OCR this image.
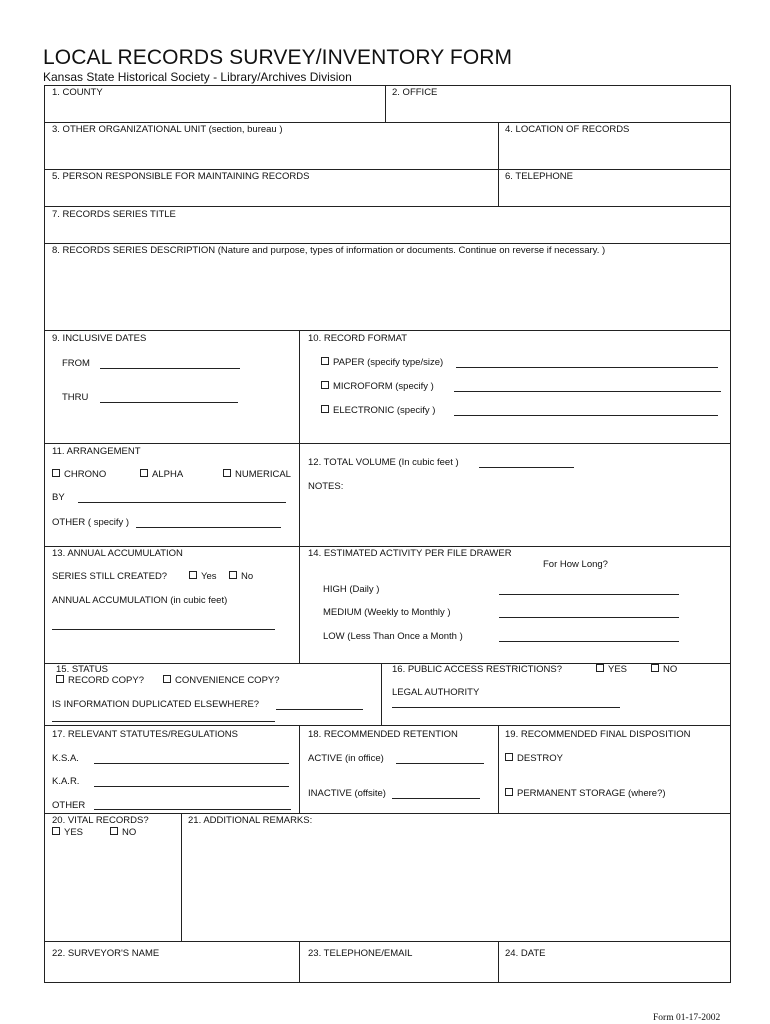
LOCAL RECORDS SURVEY/INVENTORY FORM
Kansas State Historical Society - Library/Archives Division
1. COUNTY	2. OFFICE
3. OTHER ORGANIZATIONAL UNIT (section, bureau )	4. LOCATION OF RECORDS
5. PERSON RESPONSIBLE FOR MAINTAINING RECORDS	6. TELEPHONE
7. RECORDS SERIES TITLE
8. RECORDS SERIES DESCRIPTION (Nature and purpose, types of information or documents. Continue on reverse if necessary. )
9. INCLUSIVE DATES
FROM
THRU
10. RECORD FORMAT
PAPER (specify type/size)
MICROFORM (specify )
ELECTRONIC (specify )
11. ARRANGEMENT
CHRONO	ALPHA	NUMERICAL
BY
OTHER ( specify )
12. TOTAL VOLUME (In cubic feet )
NOTES:
13. ANNUAL ACCUMULATION
SERIES STILL CREATED?	Yes	No
ANNUAL ACCUMULATION (in cubic feet)
14. ESTIMATED ACTIVITY PER FILE DRAWER
For How Long?
HIGH (Daily )
MEDIUM (Weekly to Monthly )
LOW (Less Than Once a Month )
15. STATUS
RECORD COPY?	CONVENIENCE COPY?
IS INFORMATION DUPLICATED ELSEWHERE?
16. PUBLIC ACCESS RESTRICTIONS?	YES	NO
LEGAL AUTHORITY
17. RELEVANT STATUTES/REGULATIONS
K.S.A.
K.A.R.
OTHER
18. RECOMMENDED RETENTION
ACTIVE (in office)
INACTIVE (offsite)
19. RECOMMENDED FINAL DISPOSITION
DESTROY
PERMANENT STORAGE (where?)
20. VITAL RECORDS?
YES	NO
21. ADDITIONAL REMARKS:
22. SURVEYOR'S NAME	23. TELEPHONE/EMAIL	24. DATE
Form 01-17-2002
